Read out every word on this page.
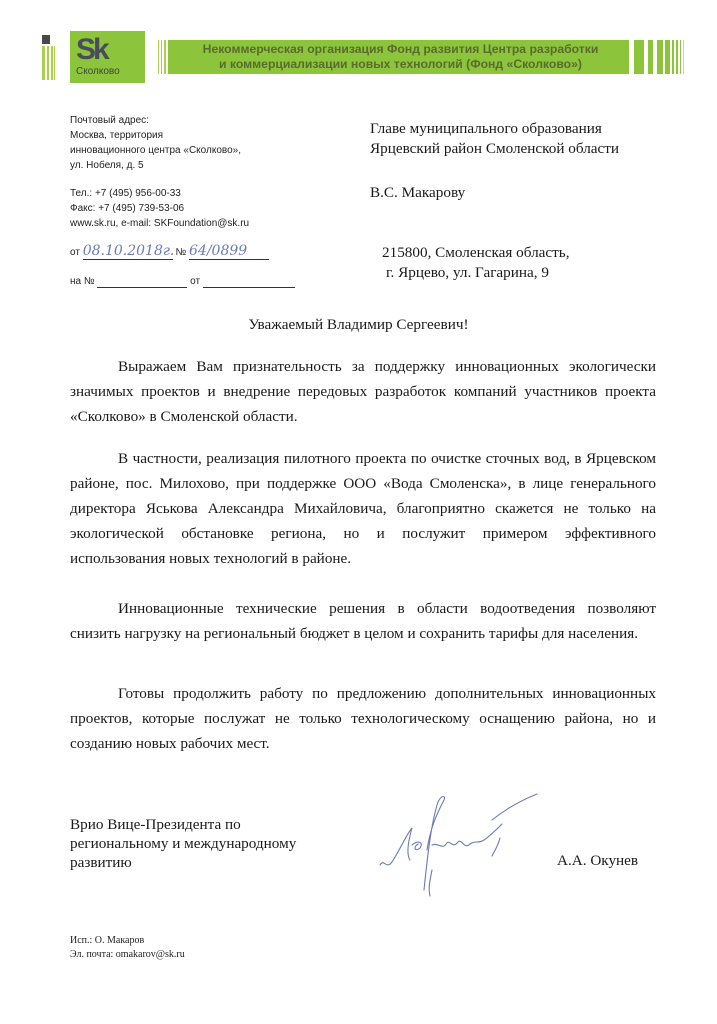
Sk
Сколково
Некоммерческая организация Фонд развития Центра разработки
и коммерциализации новых технологий (Фонд «Сколково»)
Почтовый адрес:
Москва, территория
инновационного центра «Сколково»,
ул. Нобеля, д. 5
Тел.: +7 (495) 956-00-33
Факс: +7 (495) 739-53-06
www.sk.ru, e-mail: SKFoundation@sk.ru
от 08.10.2018г. № 64/0899
на №	от
Главе муниципального образования
Ярцевский район Смоленской области
В.С. Макарову
215800, Смоленская область,
г. Ярцево, ул. Гагарина, 9
Уважаемый Владимир Сергеевич!

Выражаем Вам признательность за поддержку инновационных экологически значимых проектов и внедрение передовых разработок компаний участников проекта «Сколково» в Смоленской области.

В частности, реализация пилотного проекта по очистке сточных вод, в Ярцевском районе, пос. Милохово, при поддержке ООО «Вода Смоленска», в лице генерального директора Яськова Александра Михайловича, благоприятно скажется не только на экологической обстановке региона, но и послужит примером эффективного использования новых технологий в районе.

Инновационные технические решения в области водоотведения позволяют снизить нагрузку на региональный бюджет в целом и сохранить тарифы для населения.

Готовы продолжить работу по предложению дополнительных инновационных проектов, которые послужат не только технологическому оснащению района, но и созданию новых рабочих мест.

Врио Вице-Президента по
региональному и международному
развитию	А.А. Окунев
Исп.: О. Макаров
Эл. почта: omakarov@sk.ru
